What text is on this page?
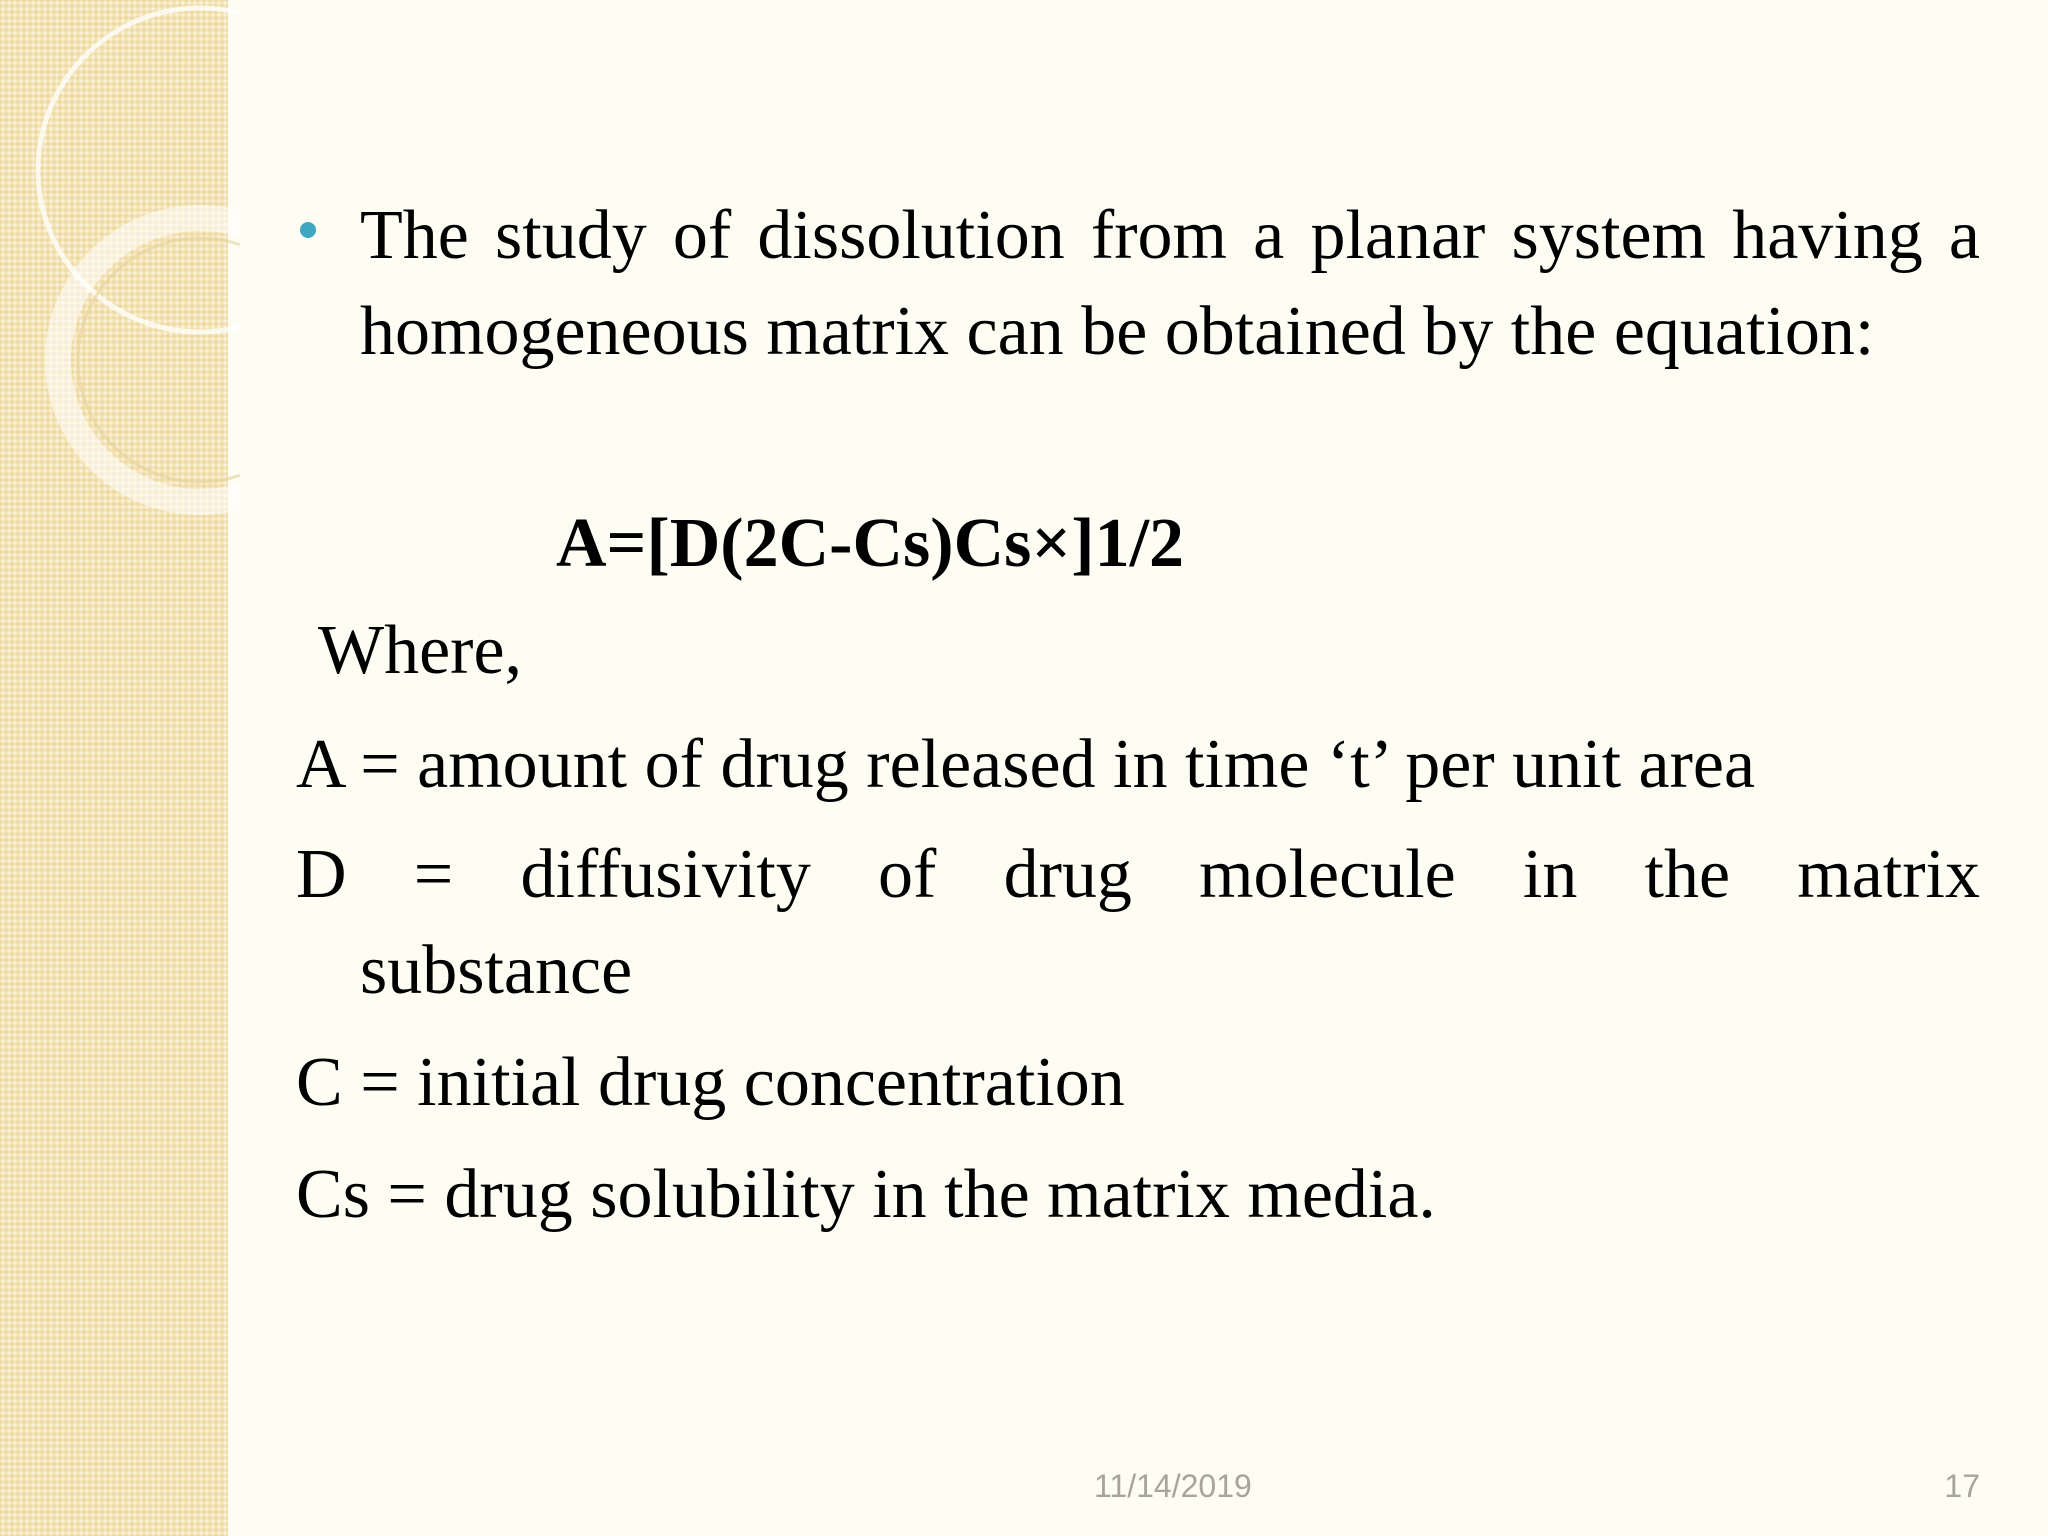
The study of dissolution from a planar system having a homogeneous matrix can be obtained by the equation:
A=[D(2C-Cs)Cs×]1/2
Where,
A = amount of drug released in time ‘t’ per unit area
D = diffusivity of drug molecule in the matrix
substance
C = initial drug concentration
Cs = drug solubility in the matrix media.
11/14/2019	17
